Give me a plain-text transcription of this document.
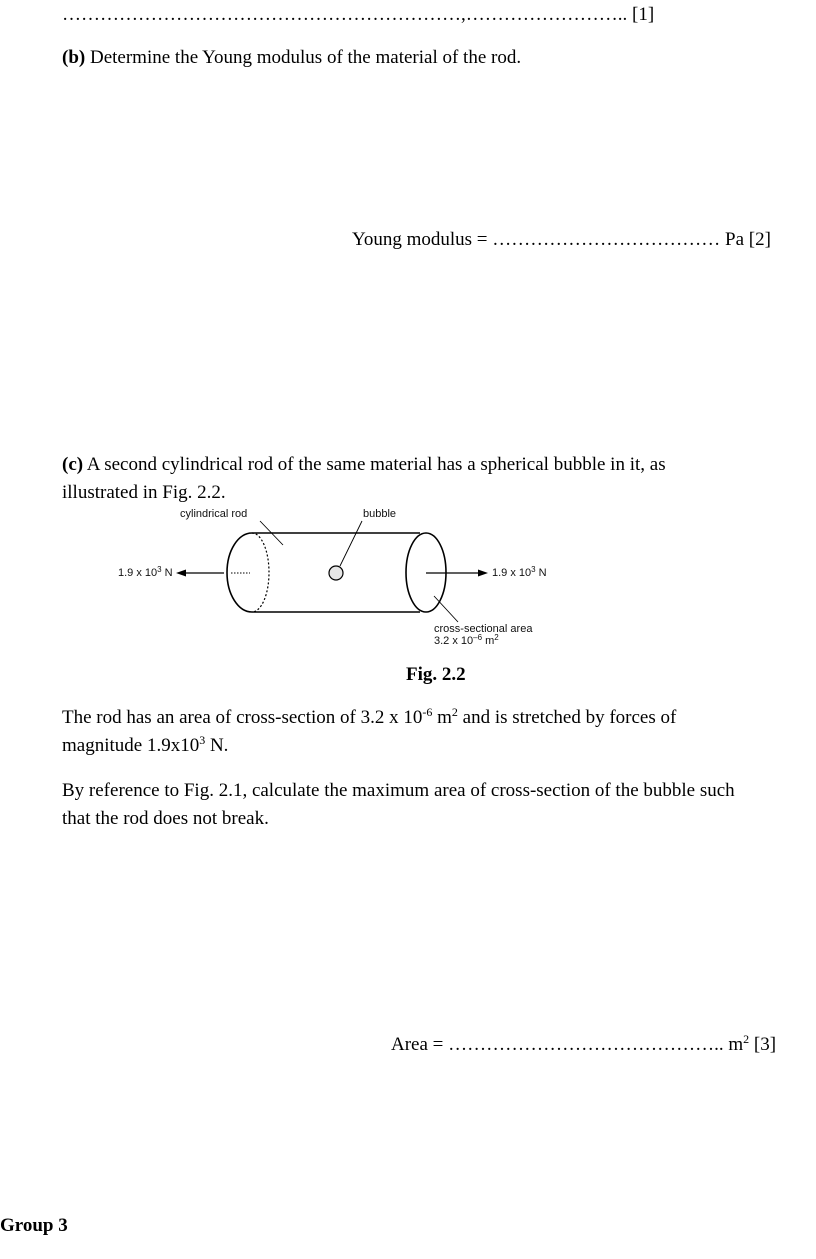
………………………………………………………,…………………….. [1]
(b) Determine the Young modulus of the material of the rod.
Young modulus = ……………………………… Pa [2]
(c) A second cylindrical rod of the same material has a spherical bubble in it, as
illustrated in Fig. 2.2.
cylindrical rod	bubble
1.9 x $10^3$ N	1.9 x $10^3$ N
cross-sectional area
3.2 x $10^{-6}$ $m^2$
Fig. 2.2
The rod has an area of cross-section of 3.2 x $10^{-6}$ $m^2$ and is stretched by forces of
magnitude $1.9x10^3$ N.
By reference to Fig. 2.1, calculate the maximum area of cross-section of the bubble such
that the rod does not break.
Area = …………………………………….. $m^2$ [3]
Group 3
